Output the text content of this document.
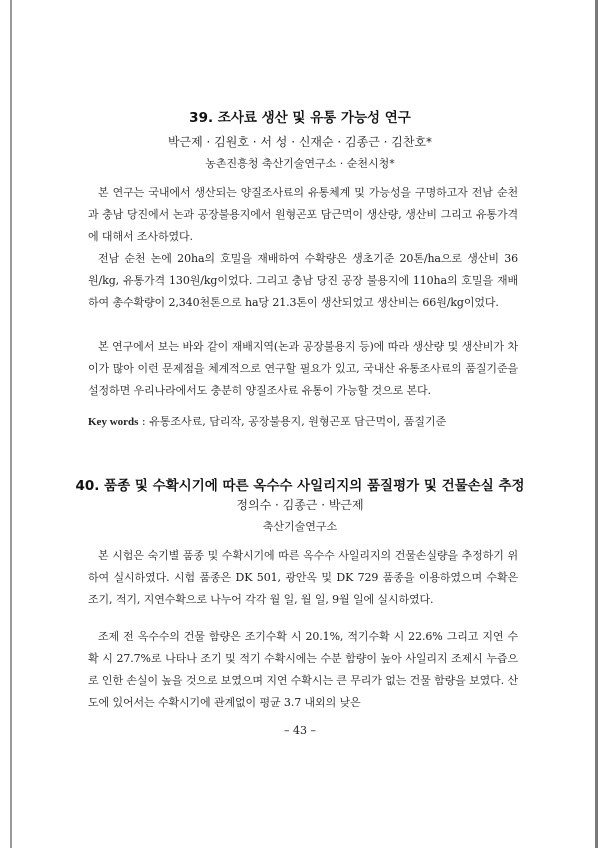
39. 조사료 생산 및 유통 가능성 연구
박근제 · 김원호 · 서 성 · 신재순 · 김종근 · 김찬호*
농촌진흥청 축산기술연구소 · 순천시청*

본 연구는 국내에서 생산되는 양질조사료의 유통체계 및 가능성을 구명하고자 전남 순천과 충남 당진에서 논과 공장불용지에서 원형곤포 담근먹이 생산량, 생산비 그리고 유통가격에 대해서 조사하였다.

전남 순천 논에 20ha의 호밀을 재배하여 수확량은 생초기준 20톤/ha으로 생산비 36원/kg, 유통가격 130원/kg이었다. 그리고 충남 당진 공장 불용지에 110ha의 호밀을 재배하여 총수확량이 2,340천톤으로 ha당 21.3톤이 생산되었고 생산비는 66원/kg이었다.

본 연구에서 보는 바와 같이 재배지역(논과 공장불용지 등)에 따라 생산량 및 생산비가 차이가 많아 이런 문제점을 체계적으로 연구할 필요가 있고, 국내산 유통조사료의 품질기준을 설정하면 우리나라에서도 충분히 양질조사료 유통이 가능할 것으로 본다.

Key words : 유통조사료, 담리작, 공장불용지, 원형곤포 담근먹이, 품질기준

40. 품종 및 수확시기에 따른 옥수수 사일리지의 품질평가 및 건물손실 추정
정의수 · 김종근 · 박근제
축산기술연구소

본 시험은 숙기별 품종 및 수확시기에 따른 옥수수 사일리지의 건물손실량을 추정하기 위하여 실시하였다. 시험 품종은 DK 501, 광안옥 및 DK 729 품종을 이용하였으며 수확은 조기, 적기, 지연수확으로 나누어 각각 월 일, 월 일, 9월 일에 실시하였다.

조제 전 옥수수의 건물 함량은 조기수확 시 20.1%, 적기수확 시 22.6% 그리고 지연 수확 시 27.7%로 나타나 조기 및 적기 수확시에는 수분 함량이 높아 사일리지 조제시 누즙으로 인한 손실이 높을 것으로 보였으며 지연 수확시는 큰 무리가 없는 건물 함량을 보였다. 산도에 있어서는 수확시기에 관계없이 평균 3.7 내외의 낮은

– 43 –
